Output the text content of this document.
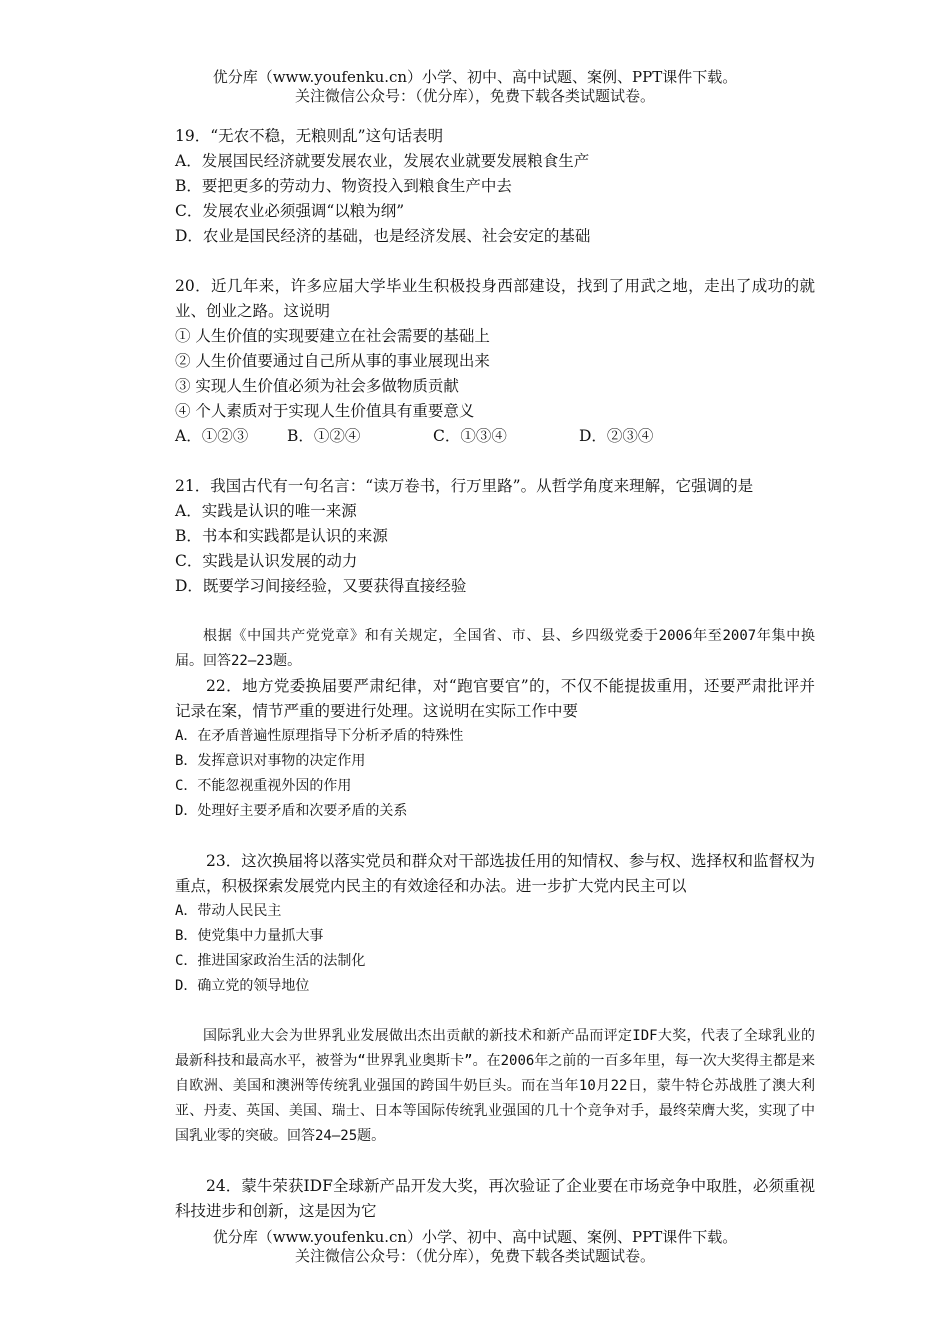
优分库（www.youfenku.cn）小学、初中、高中试题、案例、PPT课件下载。
关注微信公众号：（优分库），免费下载各类试题试卷。

19．“无农不稳，无粮则乱”这句话表明

A．发展国民经济就要发展农业，发展农业就要发展粮食生产

B．要把更多的劳动力、物资投入到粮食生产中去

C．发展农业必须强调“以粮为纲”

D．农业是国民经济的基础，也是经济发展、社会安定的基础

20．近几年来，许多应届大学毕业生积极投身西部建设，找到了用武之地，走出了成功的就业、创业之路。这说明

① 人生价值的实现要建立在社会需要的基础上

② 人生价值要通过自己所从事的事业展现出来

③ 实现人生价值必须为社会多做物质贡献

④ 个人素质对于实现人生价值具有重要意义

A．①②③	B．①②④	C．①③④	D．②③④

21．我国古代有一句名言：“读万卷书，行万里路”。从哲学角度来理解，它强调的是

A．实践是认识的唯一来源

B．书本和实践都是认识的来源

C．实践是认识发展的动力

D．既要学习间接经验，又要获得直接经验

根据《中国共产党党章》和有关规定，全国省、市、县、乡四级党委于2006年至2007年集中换届。回答22—23题。

22．地方党委换届要严肃纪律，对“跑官要官”的，不仅不能提拔重用，还要严肃批评并记录在案，情节严重的要进行处理。这说明在实际工作中要

A．在矛盾普遍性原理指导下分析矛盾的特殊性

B．发挥意识对事物的决定作用

C．不能忽视重视外因的作用

D．处理好主要矛盾和次要矛盾的关系

23．这次换届将以落实党员和群众对干部选拔任用的知情权、参与权、选择权和监督权为重点，积极探索发展党内民主的有效途径和办法。进一步扩大党内民主可以

A．带动人民民主

B．使党集中力量抓大事

C．推进国家政治生活的法制化

D．确立党的领导地位

国际乳业大会为世界乳业发展做出杰出贡献的新技术和新产品而评定IDF大奖，代表了全球乳业的最新科技和最高水平，被誉为“世界乳业奥斯卡”。在2006年之前的一百多年里，每一次大奖得主都是来自欧洲、美国和澳洲等传统乳业强国的跨国牛奶巨头。而在当年10月22日，蒙牛特仑苏战胜了澳大利亚、丹麦、英国、美国、瑞士、日本等国际传统乳业强国的几十个竞争对手，最终荣膺大奖，实现了中国乳业零的突破。回答24—25题。

24．蒙牛荣获IDF全球新产品开发大奖，再次验证了企业要在市场竞争中取胜，必须重视科技进步和创新，这是因为它

优分库（www.youfenku.cn）小学、初中、高中试题、案例、PPT课件下载。
关注微信公众号：（优分库），免费下载各类试题试卷。
